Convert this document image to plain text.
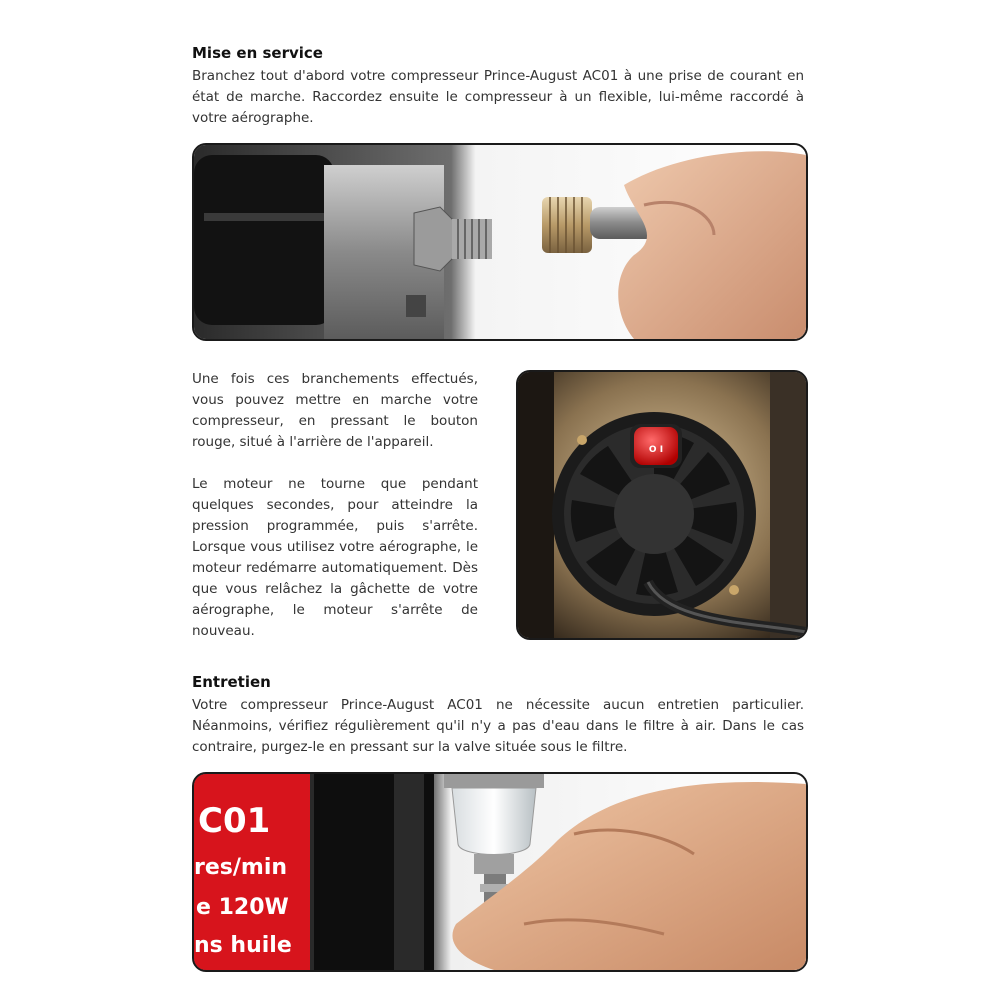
Mise en service
Branchez tout d'abord votre compresseur Prince-August AC01 à une prise de courant en état de marche. Raccordez ensuite le compresseur à un flexible, lui-même raccordé à votre aérographe.
Une fois ces branchements effectués, vous pouvez mettre en marche votre compresseur, en pressant le bouton rouge, situé à l'arrière de l'appareil.
Le moteur ne tourne que pendant quelques secondes, pour atteindre la pression programmée, puis s'arrête. Lorsque vous utilisez votre aérographe, le moteur redémarre automatiquement. Dès que vous relâchez la gâchette de votre aérographe, le moteur s'arrête de nouveau.
O I
Entretien
Votre compresseur Prince-August AC01 ne nécessite aucun entretien particulier. Néanmoins, vérifiez régulièrement qu'il n'y a pas d'eau dans le filtre à air. Dans le cas contraire, purgez-le en pressant sur la valve située sous le filtre.
C01
res/min
e 120W
ns huile
